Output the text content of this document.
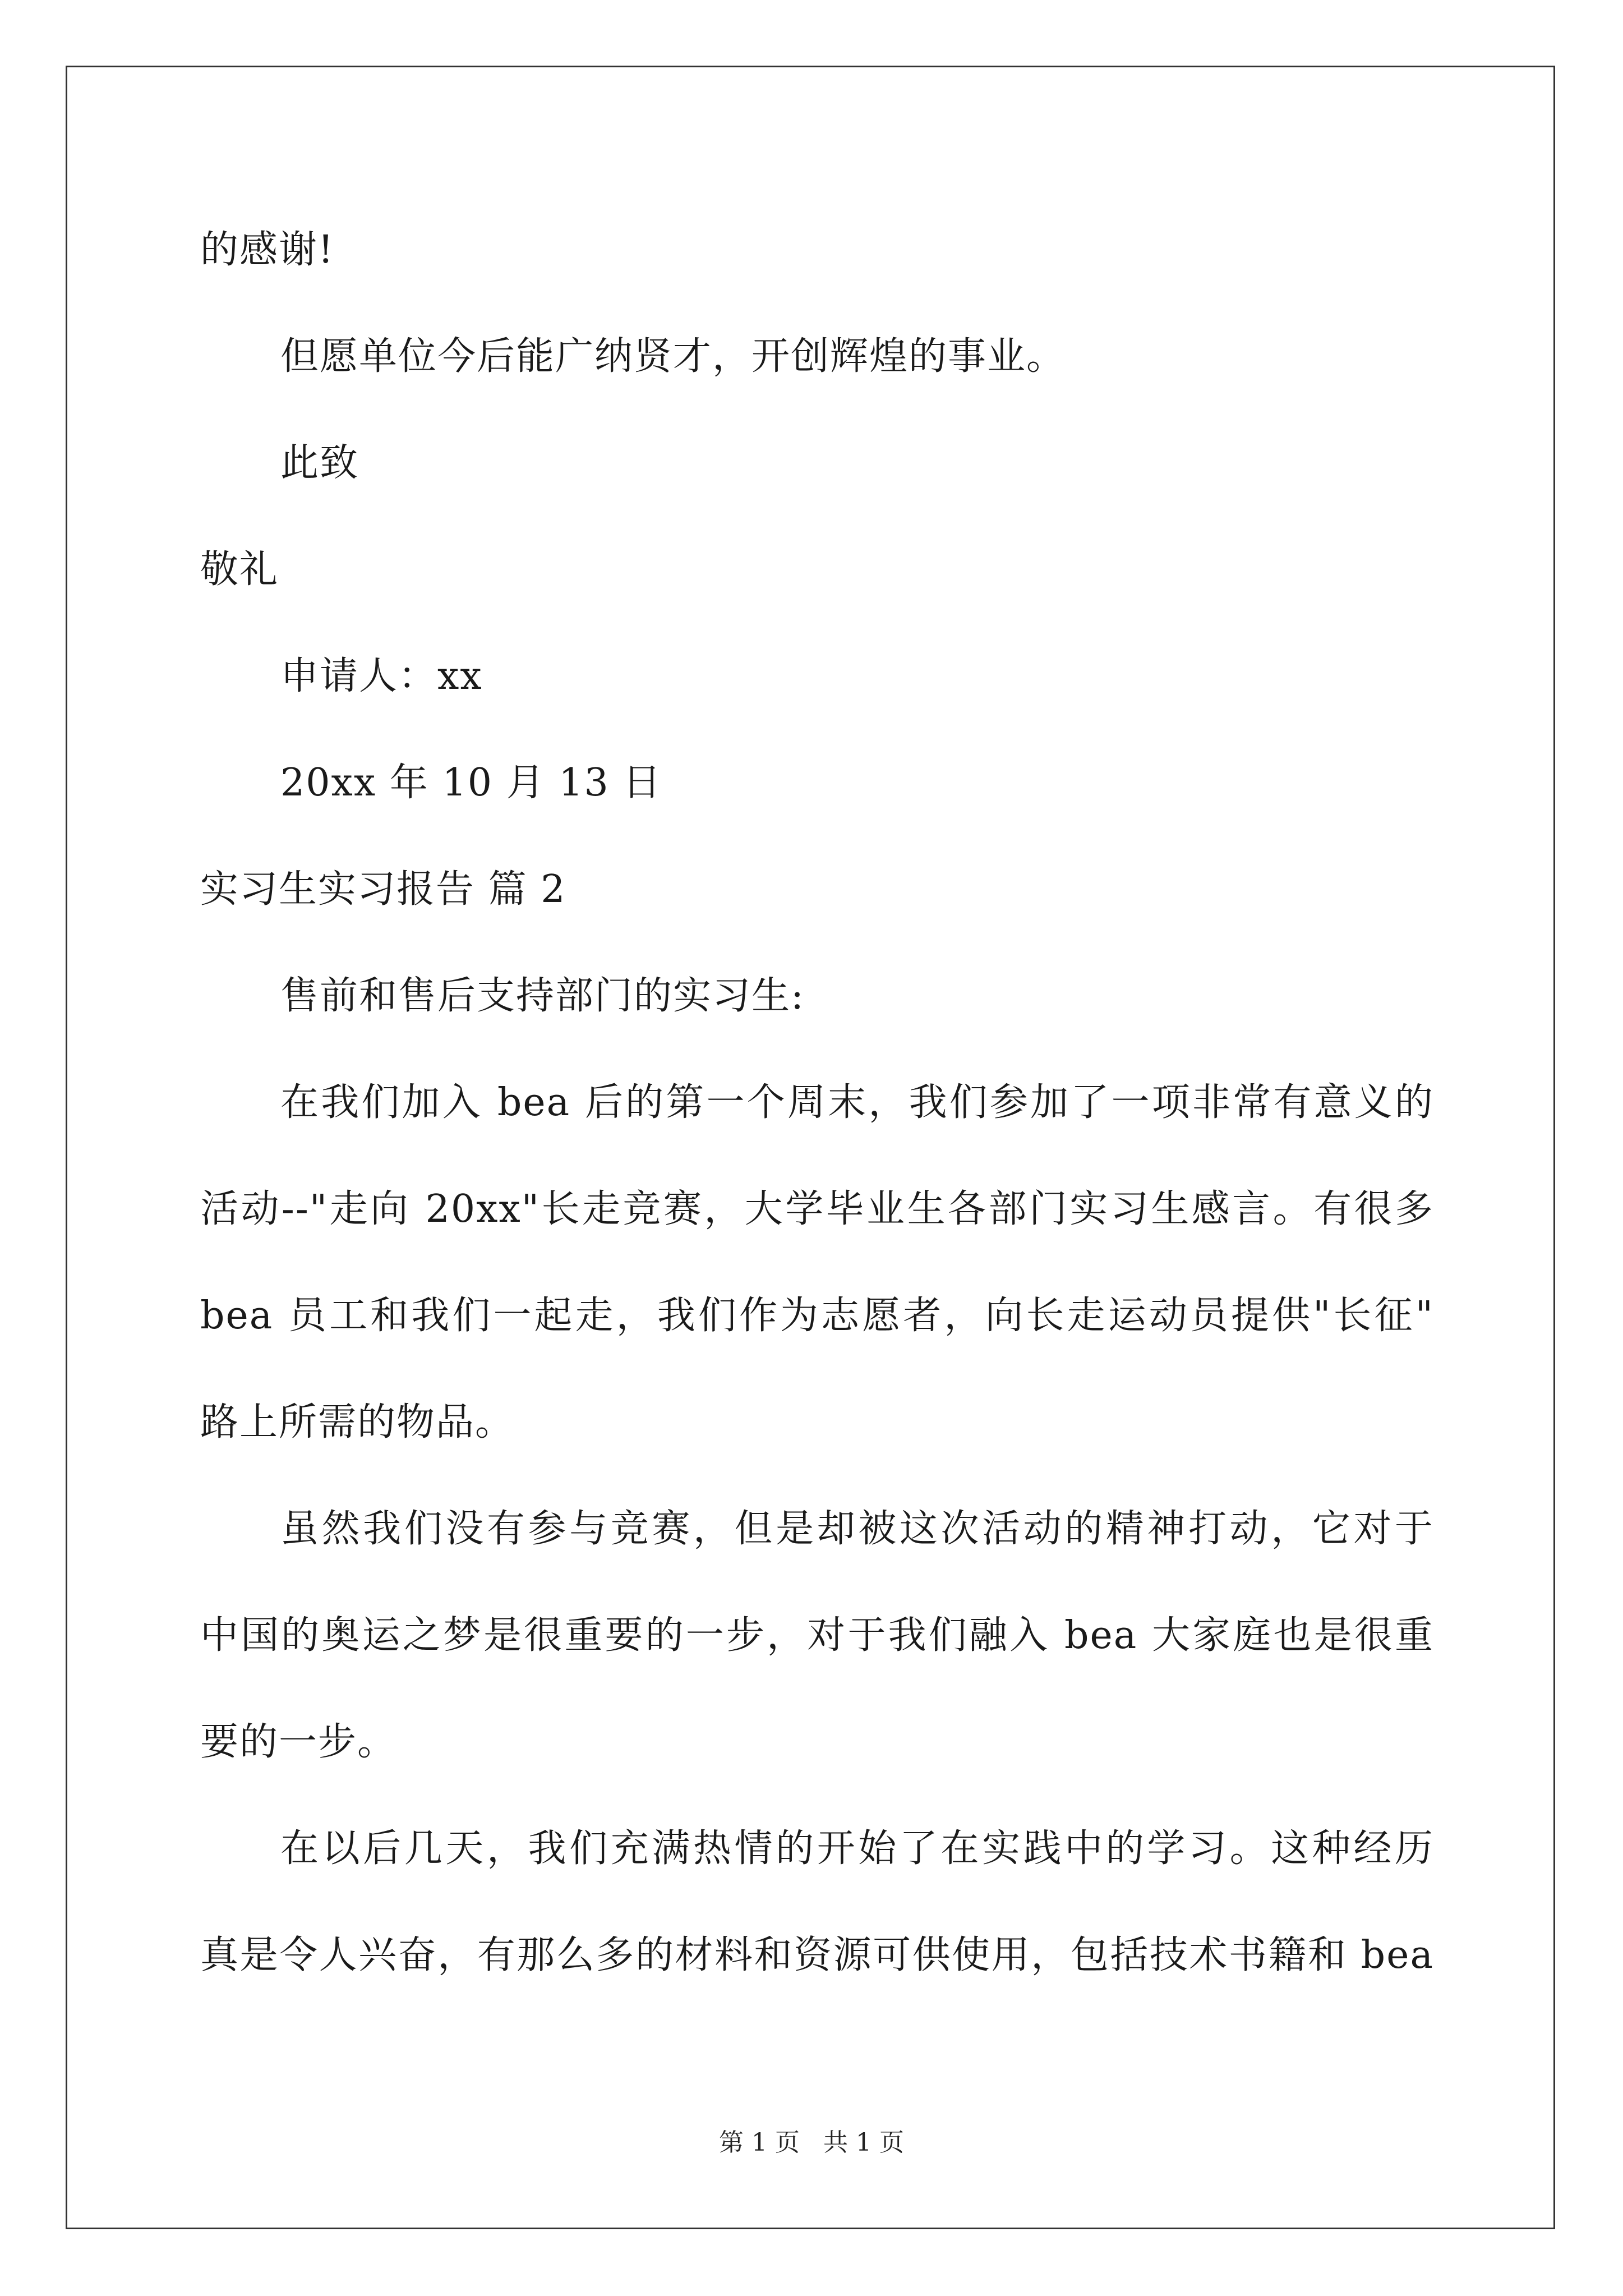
的感谢!
但愿单位今后能广纳贤才，开创辉煌的事业。
此致
敬礼
申请人：xx
20xx 年 10 月 13 日
实习生实习报告 篇 2
售前和售后支持部门的实习生:
在我们加入 bea 后的第一个周末，我们参加了一项非常有意义的
活动--"走向 20xx"长走竞赛，大学毕业生各部门实习生感言。有很多
bea 员工和我们一起走，我们作为志愿者，向长走运动员提供"长征"
路上所需的物品。
虽然我们没有参与竞赛，但是却被这次活动的精神打动，它对于
中国的奥运之梦是很重要的一步，对于我们融入 bea 大家庭也是很重
要的一步。
在以后几天，我们充满热情的开始了在实践中的学习。这种经历
真是令人兴奋，有那么多的材料和资源可供使用，包括技术书籍和 bea
第 1 页 共 1 页
